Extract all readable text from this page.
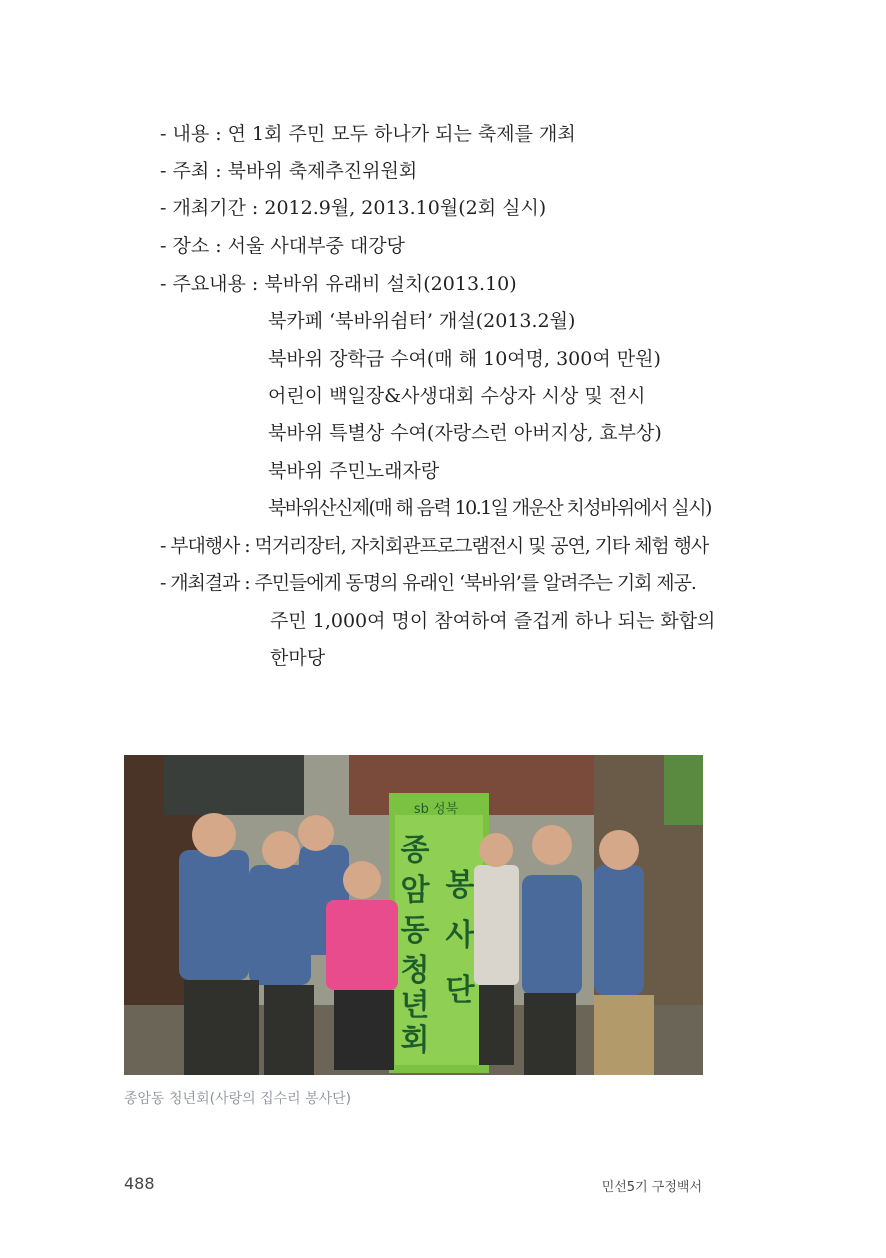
- 내용 : 연 1회 주민 모두 하나가 되는 축제를 개최
- 주최 : 북바위 축제추진위원회
- 개최기간 : 2012.9월, 2013.10월(2회 실시)
- 장소 : 서울 사대부중 대강당
- 주요내용 : 북바위 유래비 설치(2013.10)
북카페 ‘북바위쉼터’ 개설(2013.2월)
북바위 장학금 수여(매 해 10여명, 300여 만원)
어린이 백일장&사생대회 수상자 시상 및 전시
북바위 특별상 수여(자랑스런 아버지상, 효부상)
북바위 주민노래자랑
북바위산신제(매 해 음력 10.1일 개운산 치성바위에서 실시)
- 부대행사 : 먹거리장터, 자치회관프로그램전시 및 공연, 기타 체험 행사
- 개최결과 : 주민들에게 동명의 유래인 ‘북바위’를 알려주는 기회 제공.
주민 1,000여 명이 참여하여 즐겁게 하나 되는 화합의
한마당
sb 성북
종
암
동
청
년
회
봉
사
단
종암동 청년회(사랑의 집수리 봉사단)
488	민선5기 구정백서
